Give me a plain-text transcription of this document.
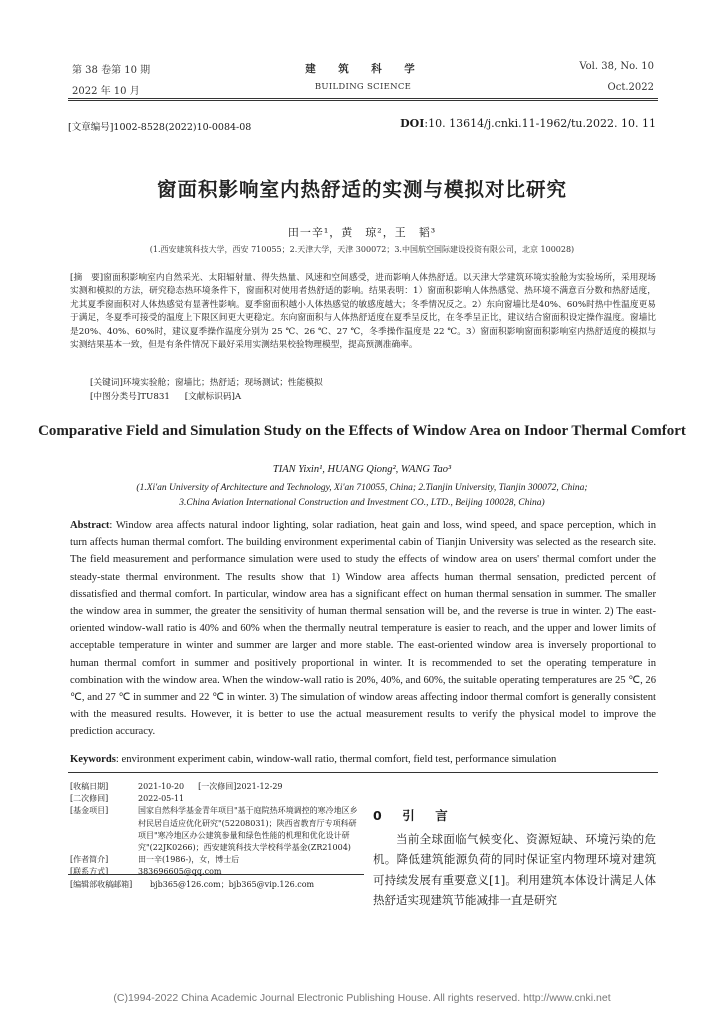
第 38 卷第 10 期	建　筑　科　学	Vol. 38, No. 10
2022 年 10 月	BUILDING SCIENCE	Oct.2022
[文章编号]1002-8528(2022)10-0084-08	DOI:10. 13614/j.cnki.11-1962/tu.2022. 10. 11
窗面积影响室内热舒适的实测与模拟对比研究
田一辛¹，黄　琼²，王　韬³
(1.西安建筑科技大学，西安 710055；2.天津大学，天津 300072；3.中国航空国际建设投资有限公司，北京 100028)

[摘　要]窗面积影响室内自然采光、太阳辐射量、得失热量、风速和空间感受，进而影响人体热舒适。以天津大学建筑环境实验舱为实验场所，采用现场实测和模拟的方法，研究稳态热环境条件下，窗面积对使用者热舒适的影响。结果表明：1）窗面积影响人体热感觉、热环境不满意百分数和热舒适度，尤其夏季窗面积对人体热感觉有显著性影响。夏季窗面积越小人体热感觉的敏感度越大；冬季情况反之。2）东向窗墙比是40%、60%时热中性温度更易于满足，冬夏季可接受的温度上下限区间更大更稳定。东向窗面积与人体热舒适度在夏季呈反比，在冬季呈正比，建议结合窗面积设定操作温度。窗墙比是20%、40%、60%时，建议夏季操作温度分别为 25 ℃、26 ℃、27 ℃，冬季操作温度是 22 ℃。3）窗面积影响窗面积影响室内热舒适度的模拟与实测结果基本一致，但是有条件情况下最好采用实测结果校验物理模型，提高预测准确率。

[关键词]环境实验舱；窗墙比；热舒适；现场测试；性能模拟
[中图分类号]TU831 [文献标识码]A
Comparative Field and Simulation Study on the Effects of Window Area on Indoor Thermal Comfort
TIAN Yixin¹, HUANG Qiong², WANG Tao³
(1.Xi'an University of Architecture and Technology, Xi'an 710055, China; 2.Tianjin University, Tianjin 300072, China;
3.China Aviation International Construction and Investment CO., LTD., Beijing 100028, China)

Abstract: Window area affects natural indoor lighting, solar radiation, heat gain and loss, wind speed, and space perception, which in turn affects human thermal comfort. The building environment experimental cabin of Tianjin University was selected as the research site. The field measurement and performance simulation were used to study the effects of window area on users' thermal comfort under the steady-state thermal environment. The results show that 1) Window area affects human thermal sensation, predicted percent of dissatisfied and thermal comfort. In particular, window area has a significant effect on human thermal sensation in summer. The smaller the window area in summer, the greater the sensitivity of human thermal sensation will be, and the reverse is true in winter. 2) The east-oriented window-wall ratio is 40% and 60% when the thermally neutral temperature is easier to reach, and the upper and lower limits of acceptable temperature in winter and summer are larger and more stable. The east-oriented window area is inversely proportional to human thermal comfort in summer and positively proportional in winter. It is recommended to set the operating temperature in combination with the window area. When the window-wall ratio is 20%, 40%, and 60%, the suitable operating temperatures are 25 ℃, 26 ℃, and 27 ℃ in summer and 22 ℃ in winter. 3) The simulation of window areas affecting indoor thermal comfort is generally consistent with the measured results. However, it is better to use the actual measurement results to verify the physical model to improve the prediction accuracy.

Keywords: environment experiment cabin, window-wall ratio, thermal comfort, field test, performance simulation
[收稿日期]	2021-10-20 [一次修回]2021-12-29
[二次修回]	2022-05-11
[基金项目]	国家自然科学基金青年项目"基于庭院热环境调控的寒冷地区乡村民居自适应优化研究"(52208031)；陕西省教育厅专项科研项目"寒冷地区办公建筑参量和绿色性能的机理和优化设计研究"(22JK0266)；西安建筑科技大学校科学基金(ZR21004)
[作者简介]	田一辛(1986-)，女，博士后
[联系方式]	383696605@qq.com
[编辑部收稿邮箱]	bjb365@126.com；bjb365@vip.126.com
0　引　言

当前全球面临气候变化、资源短缺、环境污染的危机。降低建筑能源负荷的同时保证室内物理环境对建筑可持续发展有重要意义[1]。利用建筑本体设计满足人体热舒适实现建筑节能减排一直是研究

(C)1994-2022 China Academic Journal Electronic Publishing House. All rights reserved. http://www.cnki.net
